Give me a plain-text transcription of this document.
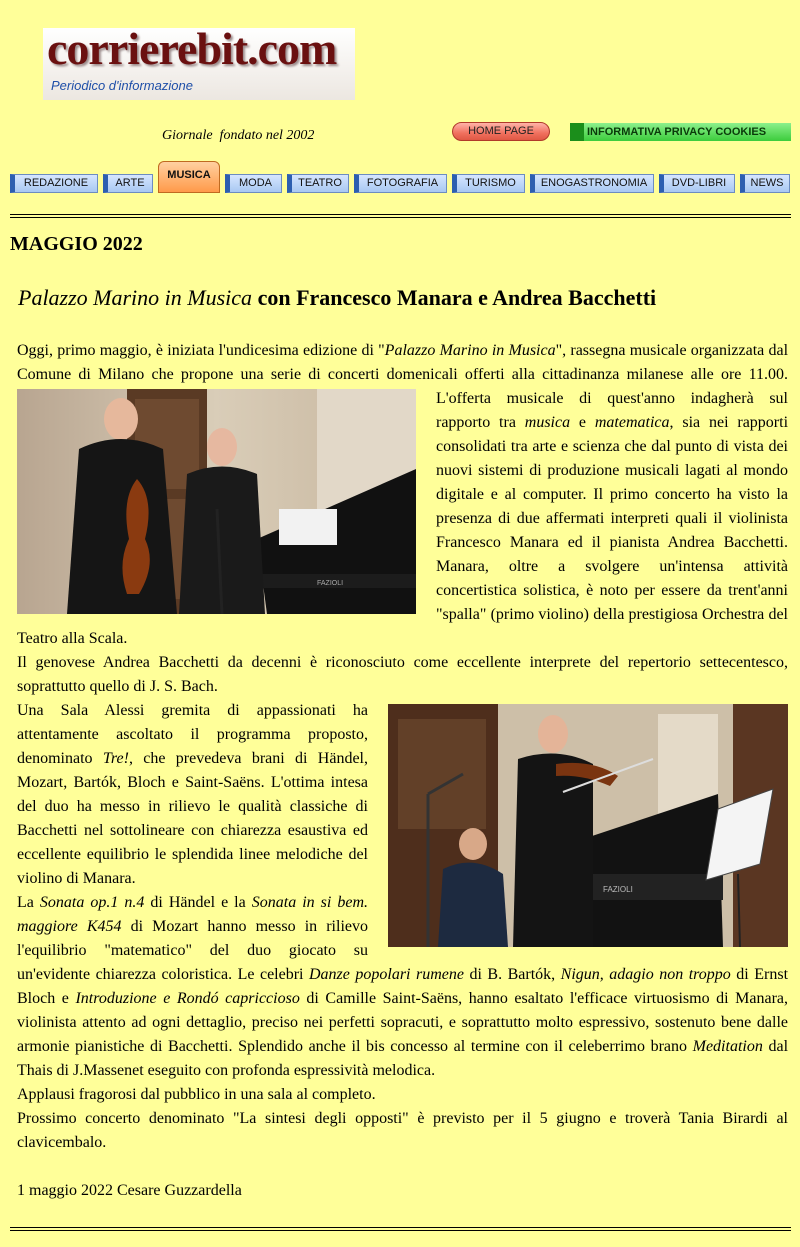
corrierebit.com
Periodico d'informazione
Giornale  fondato nel 2002	HOME PAGE	INFORMATIVA PRIVACY COOKIES
REDAZIONE	ARTE
MUSICA
MODA	TEATRO	FOTOGRAFIA	TURISMO	ENOGASTRONOMIA	DVD-LIBRI	NEWS
MAGGIO 2022
Palazzo Marino in Musica con Francesco Manara e Andrea Bacchetti

Oggi, primo maggio, è iniziata l'undicesima edizione di "Palazzo Marino in Musica", rassegna musicale organizzata dal Comune di Milano che propone una serie di concerti domenicali offerti alla cittadinanza
FAZIOLI
milanese alle ore 11.00. L'offerta musicale di quest'anno indagherà sul rapporto tra musica e matematica, sia nei rapporti consolidati tra arte e scienza che dal punto di vista dei nuovi sistemi di produzione musicali lagati al mondo digitale e al computer. Il primo concerto ha visto la presenza di due affermati interpreti quali il violinista Francesco Manara ed il pianista Andrea Bacchetti. Manara, oltre a svolgere un'intensa attività concertistica solistica, è noto per essere da trent'anni "spalla" (primo violino) della prestigiosa Orchestra del Teatro alla Scala.

Il genovese Andrea Bacchetti da decenni è riconosciuto come eccellente interprete del repertorio settecentesco, soprattutto quello di J. S. Bach.

FAZIOLI
Una Sala Alessi gremita di appassionati ha attentamente ascoltato il programma proposto, denominato Tre!, che prevedeva brani di Händel, Mozart, Bartók, Bloch e Saint-Saëns. L'ottima intesa del duo ha messo in rilievo le qualità classiche di Bacchetti nel sottolineare con chiarezza esaustiva ed eccellente equilibrio le splendida linee melodiche del violino di Manara.

La Sonata op.1 n.4 di Händel e la Sonata in si bem. maggiore K454 di Mozart hanno messo in rilievo l'equilibrio "matematico" del duo giocato su un'evidente chiarezza coloristica. Le celebri Danze popolari rumene di B. Bartók, Nigun, adagio non troppo di Ernst Bloch e Introduzione e Rondó capriccioso di Camille Saint-Saëns, hanno esaltato l'efficace virtuosismo di Manara, violinista attento ad ogni dettaglio, preciso nei perfetti sopracuti, e soprattutto molto espressivo, sostenuto bene dalle armonie pianistiche di Bacchetti. Splendido anche il bis concesso al termine con il celeberrimo brano Meditation dal Thais di J.Massenet eseguito con profonda espressività melodica.

Applausi fragorosi dal pubblico in una sala al completo.

Prossimo concerto denominato "La sintesi degli opposti" è previsto per il 5 giugno e troverà Tania Birardi al clavicembalo.

1 maggio 2022 Cesare Guzzardella
